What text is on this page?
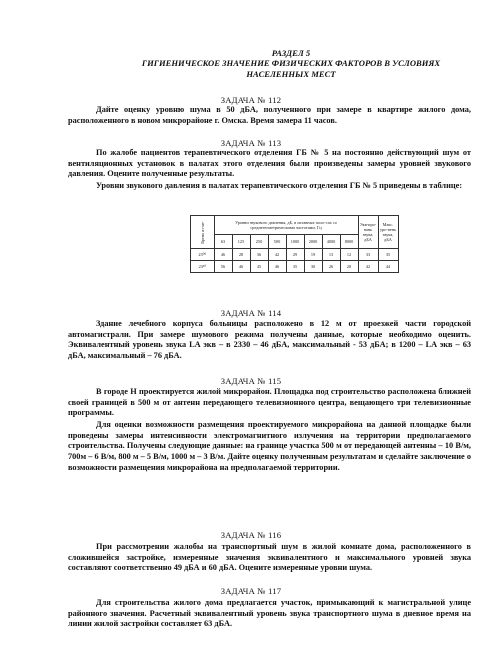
РАЗДЕЛ 5
ГИГИЕНИЧЕСКОЕ ЗНАЧЕНИЕ ФИЗИЧЕСКИХ ФАКТОРОВ В УСЛОВИЯХ
НАСЕЛЕННЫХ МЕСТ
ЗАДАЧА № 112
Дайте оценку уровню шума в 50 дБА, полученного при замере в квартире жилого дома, расположенного в новом микрорайоне г. Омска. Время замера 11 часов.
ЗАДАЧА № 113
По жалобе пациентов терапевтического отделения ГБ № 5 на постоянно действующий шум от вентиляционных установок в палатах этого отделения были произведены замеры уровней звукового давления. Оцените полученные результаты.
Уровни звукового давления в палатах терапевтического отделения ГБ № 5 приведены в таблице:
Время из-ме-	Уровни звукового давления, дБ, в октавных поло-сах со среднегеометрическими частотами, Гц								Экв-иро-вань звука, дБА	Макс. уро-вень звука, дБА
	63	125	250	500	1000	2000	4000	8000		
23⁰⁰	46	28	36	42	29	19	13	12	33	35
23³⁰	56	46	45	46	35	30	26	20	42	44
ЗАДАЧА № 114
Здание лечебного корпуса больницы расположено в 12 м от проезжей части городской автомагистрали. При замере шумового режима получены данные, которые необходимо оценить. Эквивалентный уровень звука LA экв – в 2330 – 46 дБА, максимальный - 53 дБА; в 1200 – LA экв – 63 дБА, максимальный – 76 дБА.
ЗАДАЧА № 115
В городе Н проектируется жилой микрорайон. Площадка под строительство расположена ближней своей границей в 500 м от антенн передающего телевизионного центра, вещающего три телевизионные программы.
Для оценки возможности размещения проектируемого микрорайона на данной площадке были проведены замеры интенсивности электромагнитного излучения на территории предполагаемого строительства. Получены следующие данные: на границе участка 500 м от передающей антенны – 10 В/м, 700м – 6 В/м, 800 м – 5 В/м, 1000 м – 3 В/м. Дайте оценку полученным результатам и сделайте заключение о возможности размещения микрорайона на предполагаемой территории.
ЗАДАЧА № 116
При рассмотрении жалобы на транспортный шум в жилой комнате дома, расположенного в сложившейся застройке, измеренные значения эквивалентного и максимального уровней звука составляют соответственно 49 дБА и 60 дБА. Оцените измеренные уровни шума.
ЗАДАЧА № 117
Для строительства жилого дома предлагается участок, примыкающий к магистральной улице районного значения. Расчетный эквивалентный уровень звука транспортного шума в дневное время на линии жилой застройки составляет 63 дБА.
